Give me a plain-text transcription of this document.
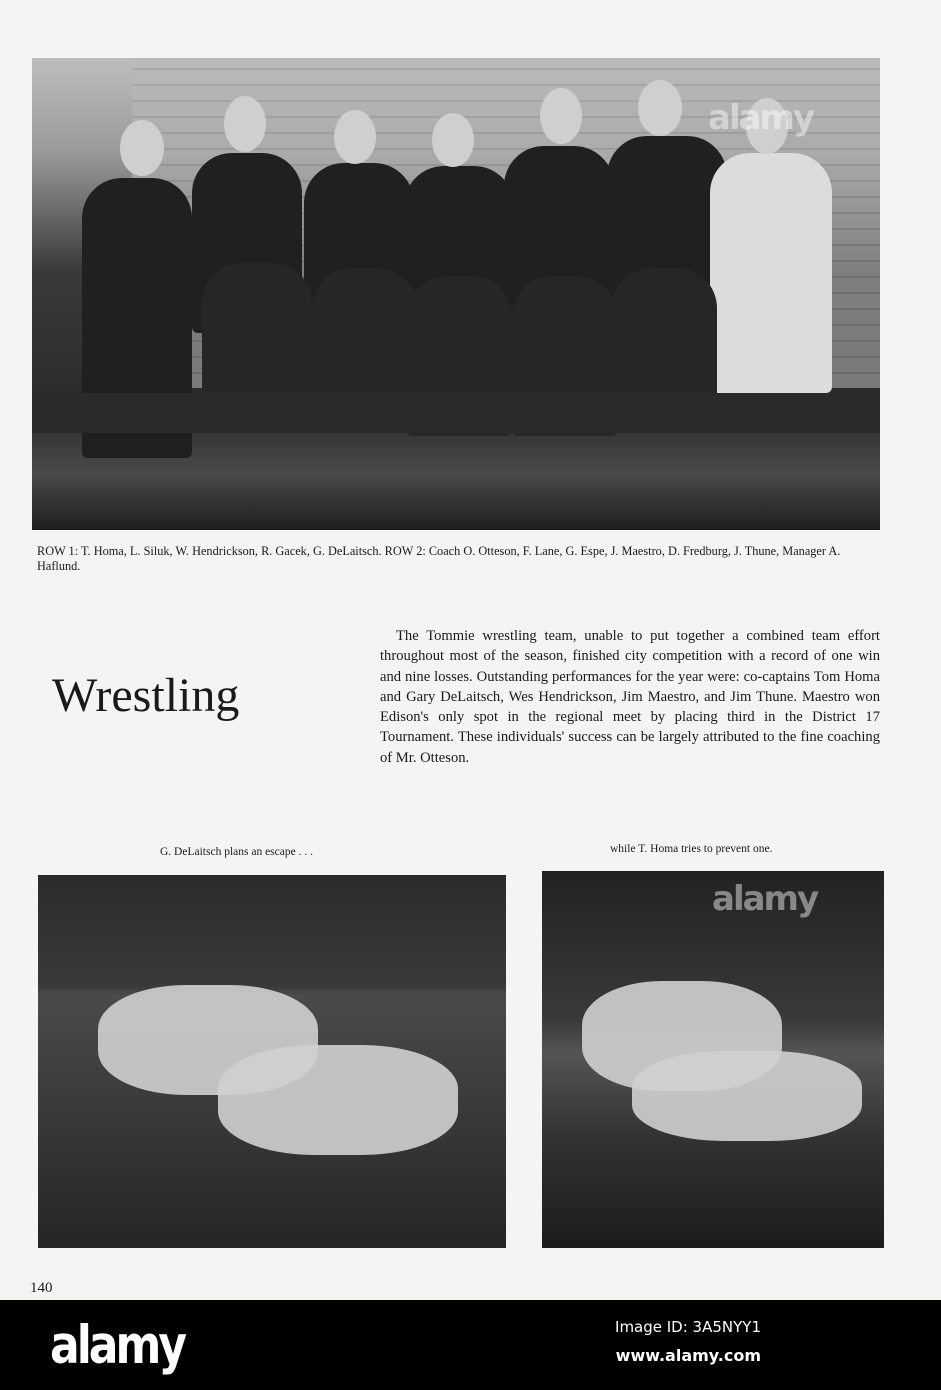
alamy
ROW 1: T. Homa, L. Siluk, W. Hendrickson, R. Gacek, G. DeLaitsch. ROW 2: Coach O. Otteson, F. Lane, G. Espe, J. Maestro, D. Fredburg, J. Thune, Manager A. Haflund.
Wrestling

The Tommie wrestling team, unable to put together a combined team effort throughout most of the season, finished city competition with a record of one win and nine losses. Outstanding performances for the year were: co-captains Tom Homa and Gary DeLaitsch, Wes Hendrickson, Jim Maestro, and Jim Thune. Maestro won Edison's only spot in the regional meet by placing third in the District 17 Tournament. These individuals' success can be largely attributed to the fine coaching of Mr. Otteson.

G. DeLaitsch plans an escape . . .	while T. Homa tries to prevent one.
alamy
140
alamy	Image ID: 3A5NYY1
www.alamy.com
